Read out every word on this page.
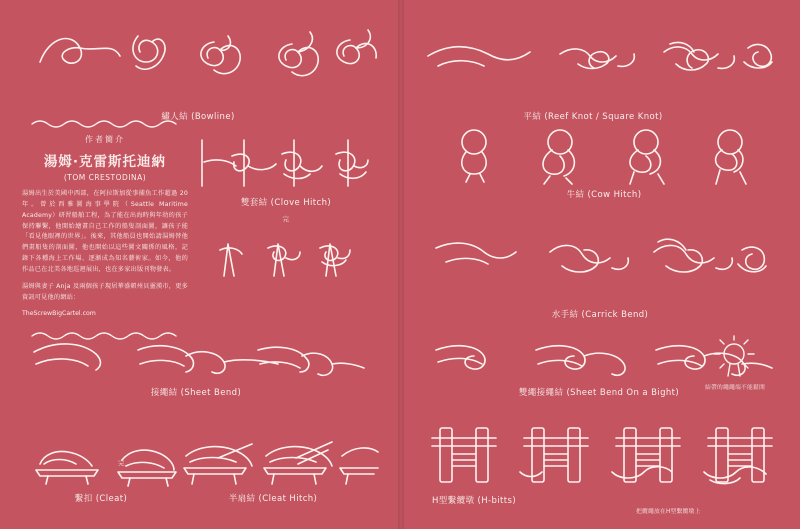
繡人結 (Bowline)	平結 (Reef Knot / Square Knot)
作者簡介
湯姆·克雷斯托迪納
(TOM CRESTODINA)

湯姆出生於美國中西部，在阿拉斯加從事捕魚工作超過 20 年。曾於西雅圖海事學院（Seattle Maritime Academy）研習船舶工程，為了能在出海時與年幼的孩子保持聯繫，他開始繪畫自己工作的船隻剖面圖，讓孩子能「看見他眼裡的世界」。後來，其他船員也開始請湯姆替他們畫船隻的剖面圖，他也開始以這些圖文關係的風格，記錄下各種海上工作場、逐漸成為知名藝術家。如今，他的作品已在北美各地巡迴展出，也在多家出版刊物發表。

湯姆與妻子 Anja 及兩個孩子現居華盛頓州貝靈漢市，更多資訊可見他的網站：

TheScrewBigCartel.com
雙套結 (Clove Hitch)
完
牛結 (Cow Hitch)
水手結 (Carrick Bend)
接繩結 (Sheet Bend)	雙繩接繩結 (Sheet Bend On a Bight)	結帶的繩繩端不能鬆開
繫扣 (Cleat)
完
半扇結 (Cleat Hitch)	H型繫纜墩 (H-bitts)
把纜繩放在H型繫纜墩上
